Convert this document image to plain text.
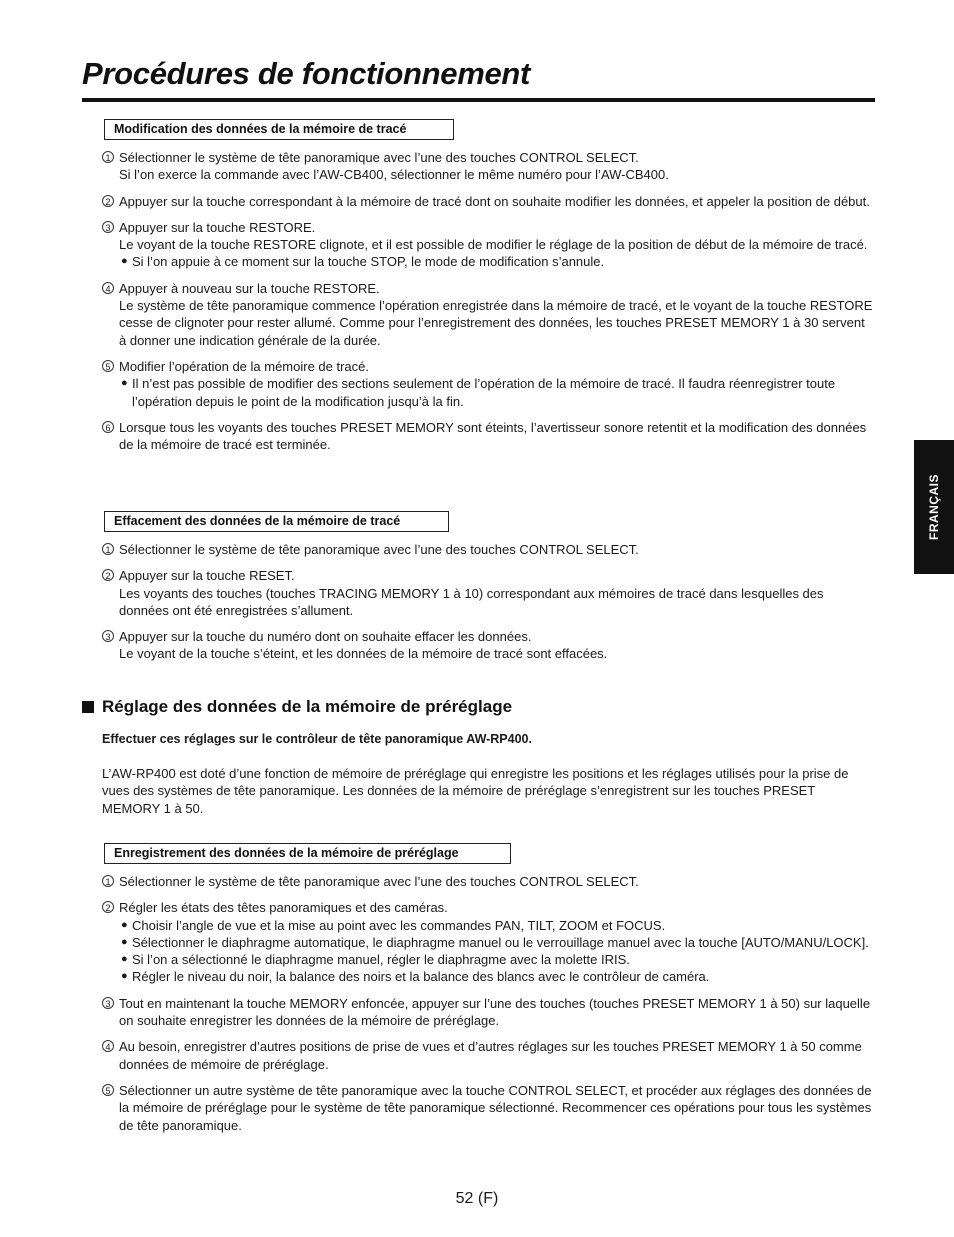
Procédures de fonctionnement
FRANÇAIS
Modification des données de la mémoire de tracé
1 Sélectionner le système de tête panoramique avec l’une des touches CONTROL SELECT.
Si l’on exerce la commande avec l’AW-CB400, sélectionner le même numéro pour l’AW-CB400.
2 Appuyer sur la touche correspondant à la mémoire de tracé dont on souhaite modifier les données, et appeler la position de début.
3 Appuyer sur la touche RESTORE.
Le voyant de la touche RESTORE clignote, et il est possible de modifier le réglage de la position de début de la mémoire de tracé.
● Si l’on appuie à ce moment sur la touche STOP, le mode de modification s’annule.
4 Appuyer à nouveau sur la touche RESTORE.
Le système de tête panoramique commence l’opération enregistrée dans la mémoire de tracé, et le voyant de la touche RESTORE cesse de clignoter pour rester allumé. Comme pour l’enregistrement des données, les touches PRESET MEMORY 1 à 30 servent à donner une indication générale de la durée.
5 Modifier l’opération de la mémoire de tracé.
● Il n’est pas possible de modifier des sections seulement de l’opération de la mémoire de tracé. Il faudra réenregistrer toute l’opération depuis le point de la modification jusqu’à la fin.
6 Lorsque tous les voyants des touches PRESET MEMORY sont éteints, l’avertisseur sonore retentit et la modification des données de la mémoire de tracé est terminée.
Effacement des données de la mémoire de tracé
1 Sélectionner le système de tête panoramique avec l’une des touches CONTROL SELECT.
2 Appuyer sur la touche RESET.
Les voyants des touches (touches TRACING MEMORY 1 à 10) correspondant aux mémoires de tracé dans lesquelles des données ont été enregistrées s’allument.
3 Appuyer sur la touche du numéro dont on souhaite effacer les données.
Le voyant de la touche s’éteint, et les données de la mémoire de tracé sont effacées.
Réglage des données de la mémoire de préréglage

Effectuer ces réglages sur le contrôleur de tête panoramique AW-RP400.

L’AW-RP400 est doté d’une fonction de mémoire de préréglage qui enregistre les positions et les réglages utilisés pour la prise de vues des systèmes de tête panoramique. Les données de la mémoire de préréglage s’enregistrent sur les touches PRESET MEMORY 1 à 50.

Enregistrement des données de la mémoire de préréglage
1 Sélectionner le système de tête panoramique avec l’une des touches CONTROL SELECT.
2 Régler les états des têtes panoramiques et des caméras.
● Choisir l’angle de vue et la mise au point avec les commandes PAN, TILT, ZOOM et FOCUS.
● Sélectionner le diaphragme automatique, le diaphragme manuel ou le verrouillage manuel avec la touche [AUTO/MANU/LOCK].
● Si l’on a sélectionné le diaphragme manuel, régler le diaphragme avec la molette IRIS.
● Régler le niveau du noir, la balance des noirs et la balance des blancs avec le contrôleur de caméra.
3 Tout en maintenant la touche MEMORY enfoncée, appuyer sur l’une des touches (touches PRESET MEMORY 1 à 50) sur laquelle on souhaite enregistrer les données de la mémoire de préréglage.
4 Au besoin, enregistrer d’autres positions de prise de vues et d’autres réglages sur les touches PRESET MEMORY 1 à 50 comme données de mémoire de préréglage.
5 Sélectionner un autre système de tête panoramique avec la touche CONTROL SELECT, et procéder aux réglages des données de la mémoire de préréglage pour le système de tête panoramique sélectionné. Recommencer ces opérations pour tous les systèmes de tête panoramique.

52 (F)
